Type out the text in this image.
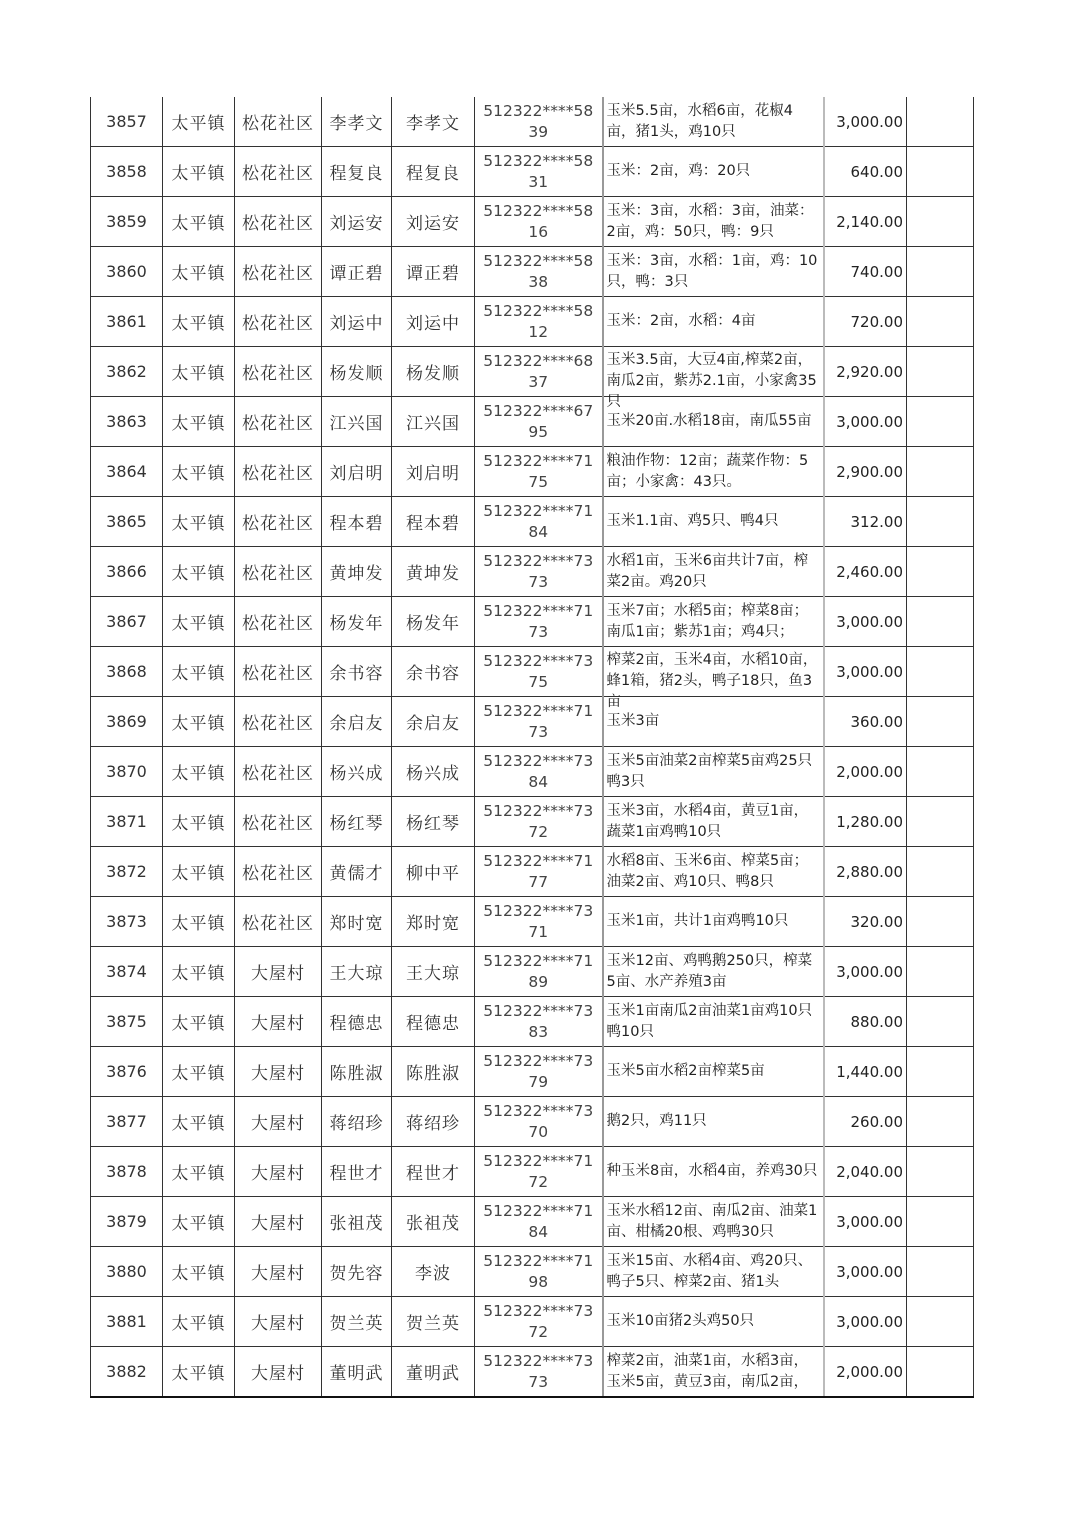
3857	太平镇	松花社区	李孝文	李孝文	512322****5839	玉米5.5亩，水稻6亩，花椒4亩，猪1头，鸡10只	3,000.00	
3858	太平镇	松花社区	程复良	程复良	512322****5831	玉米：2亩，鸡：20只	640.00	
3859	太平镇	松花社区	刘运安	刘运安	512322****5816	玉米：3亩，水稻：3亩，油菜：2亩，鸡：50只，鸭：9只	2,140.00	
3860	太平镇	松花社区	谭正碧	谭正碧	512322****5838	玉米：3亩，水稻：1亩，鸡：10只，鸭：3只	740.00	
3861	太平镇	松花社区	刘运中	刘运中	512322****5812	玉米：2亩，水稻：4亩	720.00	
3862	太平镇	松花社区	杨发顺	杨发顺	512322****6837	玉米3.5亩，大豆4亩,榨菜2亩，南瓜2亩，紫苏2.1亩，小家禽35只	2,920.00	
3863	太平镇	松花社区	江兴国	江兴国	512322****6795	玉米20亩.水稻18亩，南瓜55亩	3,000.00	
3864	太平镇	松花社区	刘启明	刘启明	512322****7175	粮油作物：12亩；蔬菜作物：5亩；小家禽：43只。	2,900.00	
3865	太平镇	松花社区	程本碧	程本碧	512322****7184	玉米1.1亩、鸡5只、鸭4只	312.00	
3866	太平镇	松花社区	黄坤发	黄坤发	512322****7373	水稻1亩，玉米6亩共计7亩，榨菜2亩。鸡20只	2,460.00	
3867	太平镇	松花社区	杨发年	杨发年	512322****7173	玉米7亩；水稻5亩；榨菜8亩；南瓜1亩；紫苏1亩；鸡4只；	3,000.00	
3868	太平镇	松花社区	余书容	余书容	512322****7375	榨菜2亩，玉米4亩，水稻10亩，蜂1箱，猪2头，鸭子18只，鱼3亩	3,000.00	
3869	太平镇	松花社区	余启友	余启友	512322****7173	玉米3亩	360.00	
3870	太平镇	松花社区	杨兴成	杨兴成	512322****7384	玉米5亩油菜2亩榨菜5亩鸡25只鸭3只	2,000.00	
3871	太平镇	松花社区	杨红琴	杨红琴	512322****7372	玉米3亩，水稻4亩，黄豆1亩，蔬菜1亩鸡鸭10只	1,280.00	
3872	太平镇	松花社区	黄儒才	柳中平	512322****7177	水稻8亩、玉米6亩、榨菜5亩；油菜2亩、鸡10只、鸭8只	2,880.00	
3873	太平镇	松花社区	郑时宽	郑时宽	512322****7371	玉米1亩，共计1亩鸡鸭10只	320.00	
3874	太平镇	大屋村	王大琼	王大琼	512322****7189	玉米12亩、鸡鸭鹅250只，榨菜5亩、水产养殖3亩	3,000.00	
3875	太平镇	大屋村	程德忠	程德忠	512322****7383	玉米1亩南瓜2亩油菜1亩鸡10只鸭10只	880.00	
3876	太平镇	大屋村	陈胜淑	陈胜淑	512322****7379	玉米5亩水稻2亩榨菜5亩	1,440.00	
3877	太平镇	大屋村	蒋绍珍	蒋绍珍	512322****7370	鹅2只，鸡11只	260.00	
3878	太平镇	大屋村	程世才	程世才	512322****7172	种玉米8亩，水稻4亩，养鸡30只	2,040.00	
3879	太平镇	大屋村	张祖茂	张祖茂	512322****7184	玉米水稻12亩、南瓜2亩、油菜1亩、柑橘20根、鸡鸭30只	3,000.00	
3880	太平镇	大屋村	贺先容	李波	512322****7198	玉米15亩、水稻4亩、鸡20只、鸭子5只、榨菜2亩、猪1头	3,000.00	
3881	太平镇	大屋村	贺兰英	贺兰英	512322****7372	玉米10亩猪2头鸡50只	3,000.00	
3882	太平镇	大屋村	董明武	董明武	512322****7373	榨菜2亩，油菜1亩，水稻3亩，玉米5亩，黄豆3亩，南瓜2亩，	2,000.00	
